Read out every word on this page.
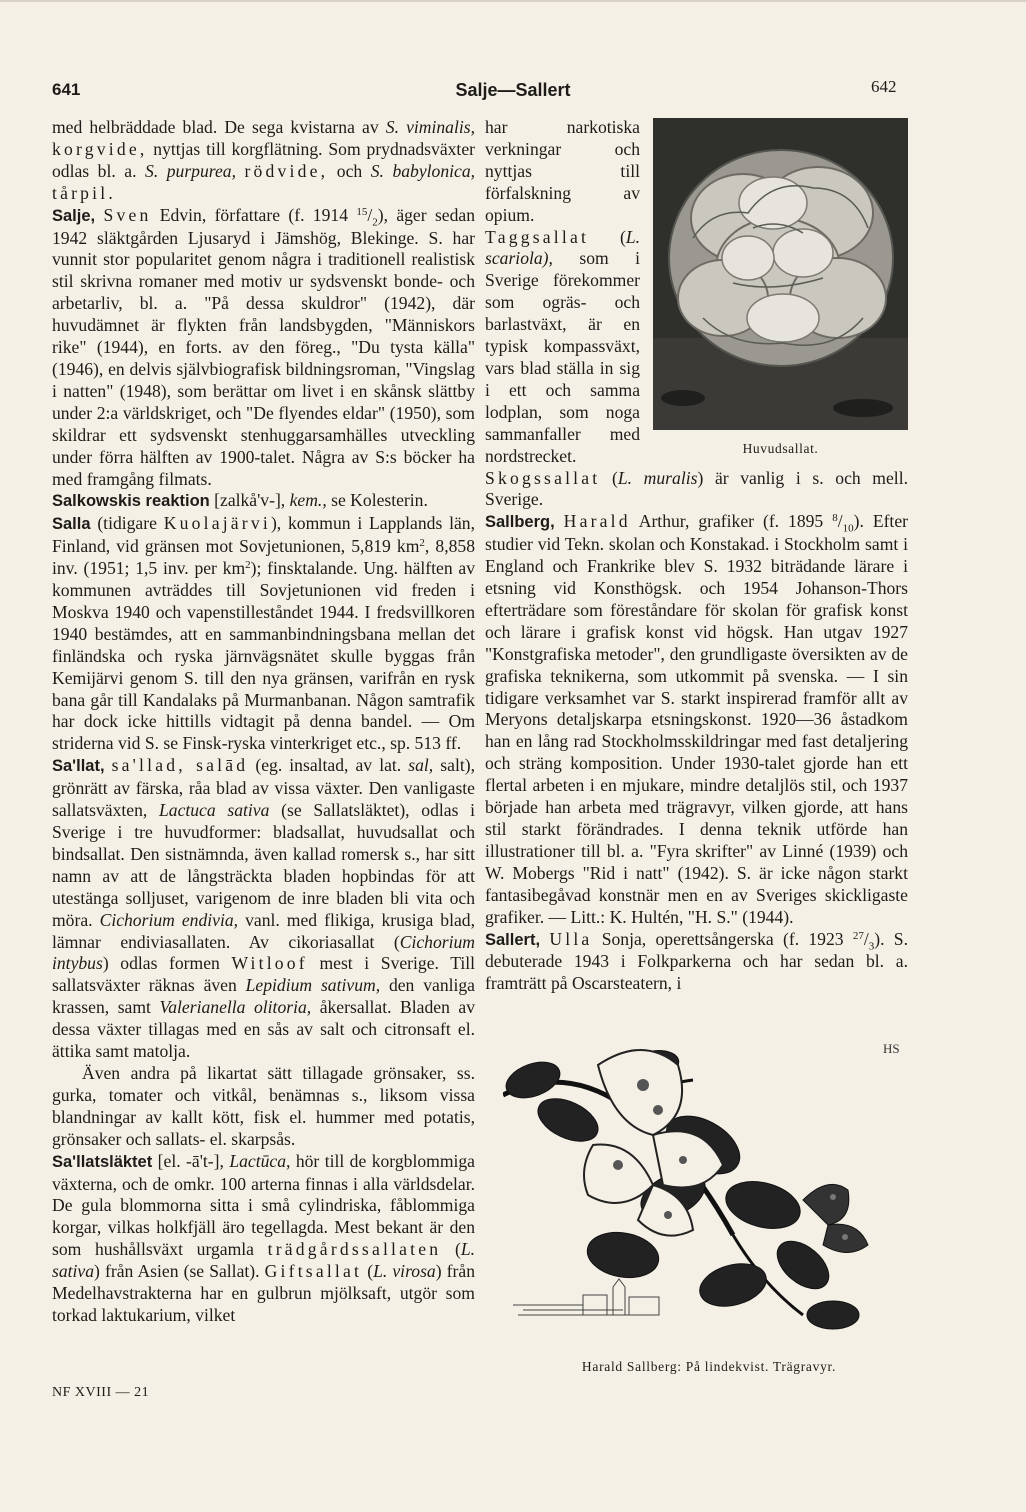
641	Salje—Sallert	642

med helbräddade blad. De sega kvistarna av S. viminalis, korgvide, nyttjas till korgflätning. Som prydnadsväxter odlas bl. a. S. purpurea, rödvide, och S. babylonica, tårpil.

Salje, Sven Edvin, författare (f. 1914 $^{15}/_2$), äger sedan 1942 släktgården Ljusaryd i Jämshög, Blekinge. S. har vunnit stor popularitet genom några i traditionell realistisk stil skrivna romaner med motiv ur sydsvenskt bonde- och arbetarliv, bl. a. "På dessa skuldror" (1942), där huvudämnet är flykten från landsbygden, "Människors rike" (1944), en forts. av den föreg., "Du tysta källa" (1946), en delvis självbiografisk bildningsroman, "Vingslag i natten" (1948), som berättar om livet i en skånsk slättby under 2:a världskriget, och "De flyendes eldar" (1950), som skildrar ett sydsvenskt stenhuggarsamhälles utveckling under förra hälften av 1900-talet. Några av S:s böcker ha med framgång filmats.

Salkowskis reaktion [zalkå'v-], kem., se Kolesterin.

Salla (tidigare Kuolajärvi), kommun i Lapplands län, Finland, vid gränsen mot Sovjetunionen, 5,819 $km^2$, 8,858 inv. (1951; 1,5 inv. per $km^2$); finsktalande. Ung. hälften av kommunen avträddes till Sovjetunionen vid freden i Moskva 1940 och vapenstilleståndet 1944. I fredsvillkoren 1940 bestämdes, att en sammanbindningsbana mellan det finländska och ryska järnvägsnätet skulle byggas från Kemijärvi genom S. till den nya gränsen, varifrån en rysk bana går till Kandalaks på Murmanbanan. Någon samtrafik har dock icke hittills vidtagit på denna bandel. — Om striderna vid S. se Finsk-ryska vinterkriget etc., sp. 513 ff.

Sa'llat, sa'llad, salād (eg. insaltad, av lat. sal, salt), grönrätt av färska, råa blad av vissa växter. Den vanligaste sallatsväxten, Lactuca sativa (se Sallatsläktet), odlas i Sverige i tre huvudformer: bladsallat, huvudsallat och bindsallat. Den sistnämnda, även kallad romersk s., har sitt namn av att de långsträckta bladen hopbindas för att utestänga solljuset, varigenom de inre bladen bli vita och möra. Cichorium endivia, vanl. med flikiga, krusiga blad, lämnar endiviasallaten. Av cikoriasallat (Cichorium intybus) odlas formen Witloof mest i Sverige. Till sallatsväxter räknas även Lepidium sativum, den vanliga krassen, samt Valerianella olitoria, åkersallat. Bladen av dessa växter tillagas med en sås av salt och citronsaft el. ättika samt matolja.

Även andra på likartat sätt tillagade grönsaker, ss. gurka, tomater och vitkål, benämnas s., liksom vissa blandningar av kallt kött, fisk el. hummer med potatis, grönsaker och sallats- el. skarpsås.

Sa'llatsläktet [el. -ā't-], Lactūca, hör till de korgblommiga växterna, och de omkr. 100 arterna finnas i alla världsdelar. De gula blommorna sitta i små cylindriska, fåblommiga korgar, vilkas holkfjäll äro tegellagda. Mest bekant är den som hushållsväxt urgamla trädgårdssallaten (L. sativa) från Asien (se Sallat). Giftsallat (L. virosa) från Medelhavstrakterna har en gulbrun mjölksaft, utgör som torkad laktukarium, vilket

Huvudsallat.

har narkotiska verkningar och nyttjas till förfalskning av opium. Taggsallat (L. scariola), som i Sverige förekommer som ogräs- och barlastväxt, är en typisk kompassväxt, vars blad ställa in sig i ett och samma lodplan, som noga sammanfaller med nordstrecket. Skogssallat (L. muralis) är vanlig i s. och mell. Sverige.

Sallberg, Harald Arthur, grafiker (f. 1895 $^8/_{10}$). Efter studier vid Tekn. skolan och Konstakad. i Stockholm samt i England och Frankrike blev S. 1932 biträdande lärare i etsning vid Konsthögsk. och 1954 Johanson-Thors efterträdare som föreståndare för skolan för grafisk konst och lärare i grafisk konst vid högsk. Han utgav 1927 "Konstgrafiska metoder", den grundligaste översikten av de grafiska teknikerna, som utkommit på svenska. — I sin tidigare verksamhet var S. starkt inspirerad framför allt av Meryons detaljskarpa etsningskonst. 1920—36 åstadkom han en lång rad Stockholmsskildringar med fast detaljering och sträng komposition. Under 1930-talet gjorde han ett flertal arbeten i en mjukare, mindre detaljlös stil, och 1937 började han arbeta med trägravyr, vilken gjorde, att hans stil starkt förändrades. I denna teknik utförde han illustrationer till bl. a. "Fyra skrifter" av Linné (1939) och W. Mobergs "Rid i natt" (1942). S. är icke någon starkt fantasibegåvad konstnär men en av Sveriges skickligaste grafiker. — Litt.: K. Hultén, "H. S." (1944).

Sallert, Ulla Sonja, operettsångerska (f. 1923 $^{27}/_3$). S. debuterade 1943 i Folkparkerna och har sedan bl. a. framträtt på Oscarsteatern, i

HS
Harald Sallberg: På lindekvist. Trägravyr.
NF XVIII — 21
